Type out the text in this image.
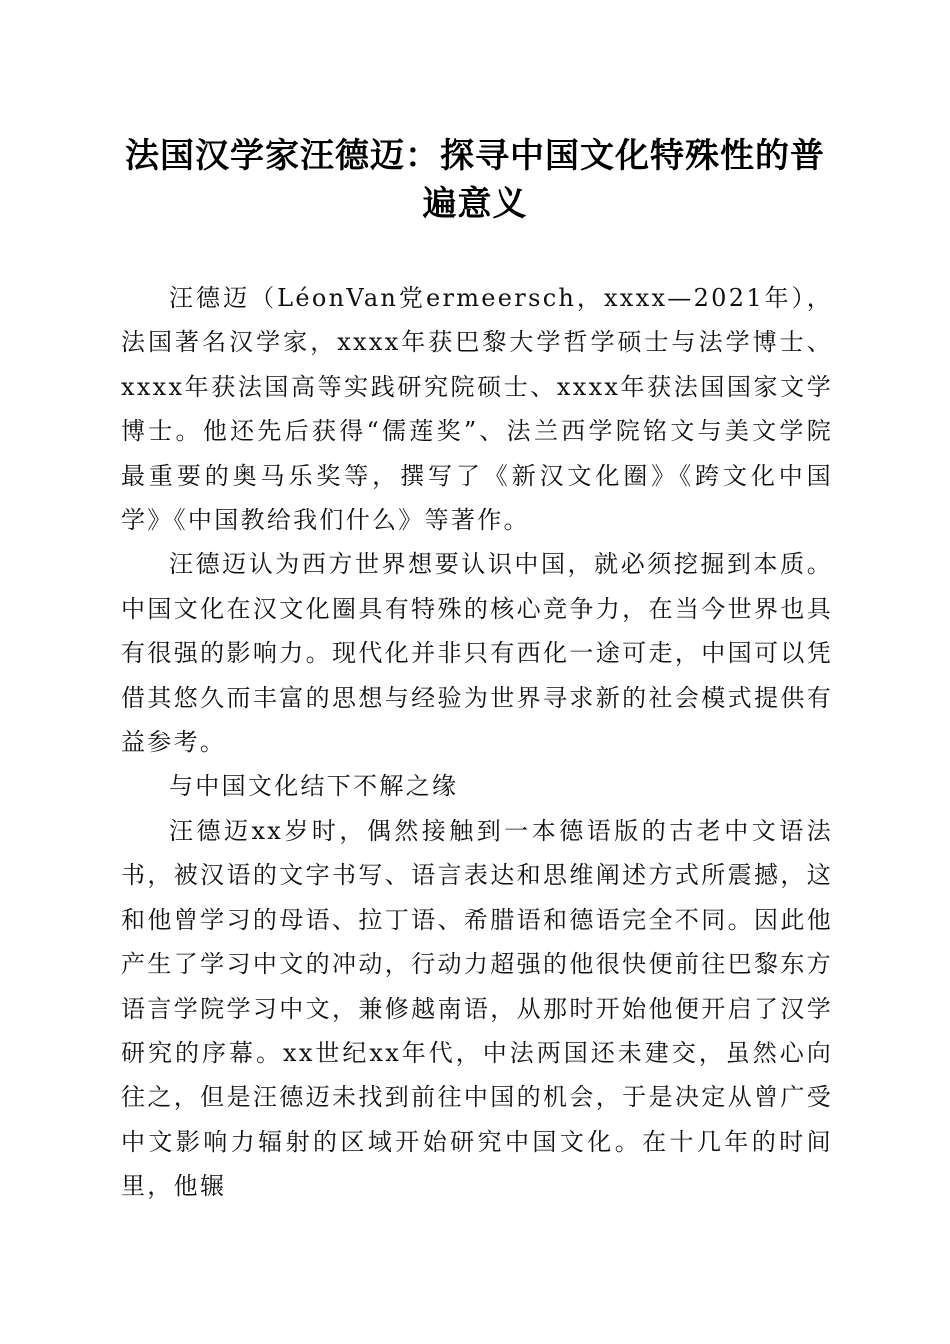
法国汉学家汪德迈：探寻中国文化特殊性的普遍意义

汪德迈（LéonVan党ermeersch，xxxx—2021年），法国著名汉学家，xxxx年获巴黎大学哲学硕士与法学博士、xxxx年获法国高等实践研究院硕士、xxxx年获法国国家文学博士。他还先后获得“儒莲奖”、法兰西学院铭文与美文学院最重要的奥马乐奖等，撰写了《新汉文化圈》《跨文化中国学》《中国教给我们什么》等著作。

汪德迈认为西方世界想要认识中国，就必须挖掘到本质。中国文化在汉文化圈具有特殊的核心竞争力，在当今世界也具有很强的影响力。现代化并非只有西化一途可走，中国可以凭借其悠久而丰富的思想与经验为世界寻求新的社会模式提供有益参考。

与中国文化结下不解之缘

汪德迈xx岁时，偶然接触到一本德语版的古老中文语法书，被汉语的文字书写、语言表达和思维阐述方式所震撼，这和他曾学习的母语、拉丁语、希腊语和德语完全不同。因此他产生了学习中文的冲动，行动力超强的他很快便前往巴黎东方语言学院学习中文，兼修越南语，从那时开始他便开启了汉学研究的序幕。xx世纪xx年代，中法两国还未建交，虽然心向往之，但是汪德迈未找到前往中国的机会，于是决定从曾广受中文影响力辐射的区域开始研究中国文化。在十几年的时间里，他辗
